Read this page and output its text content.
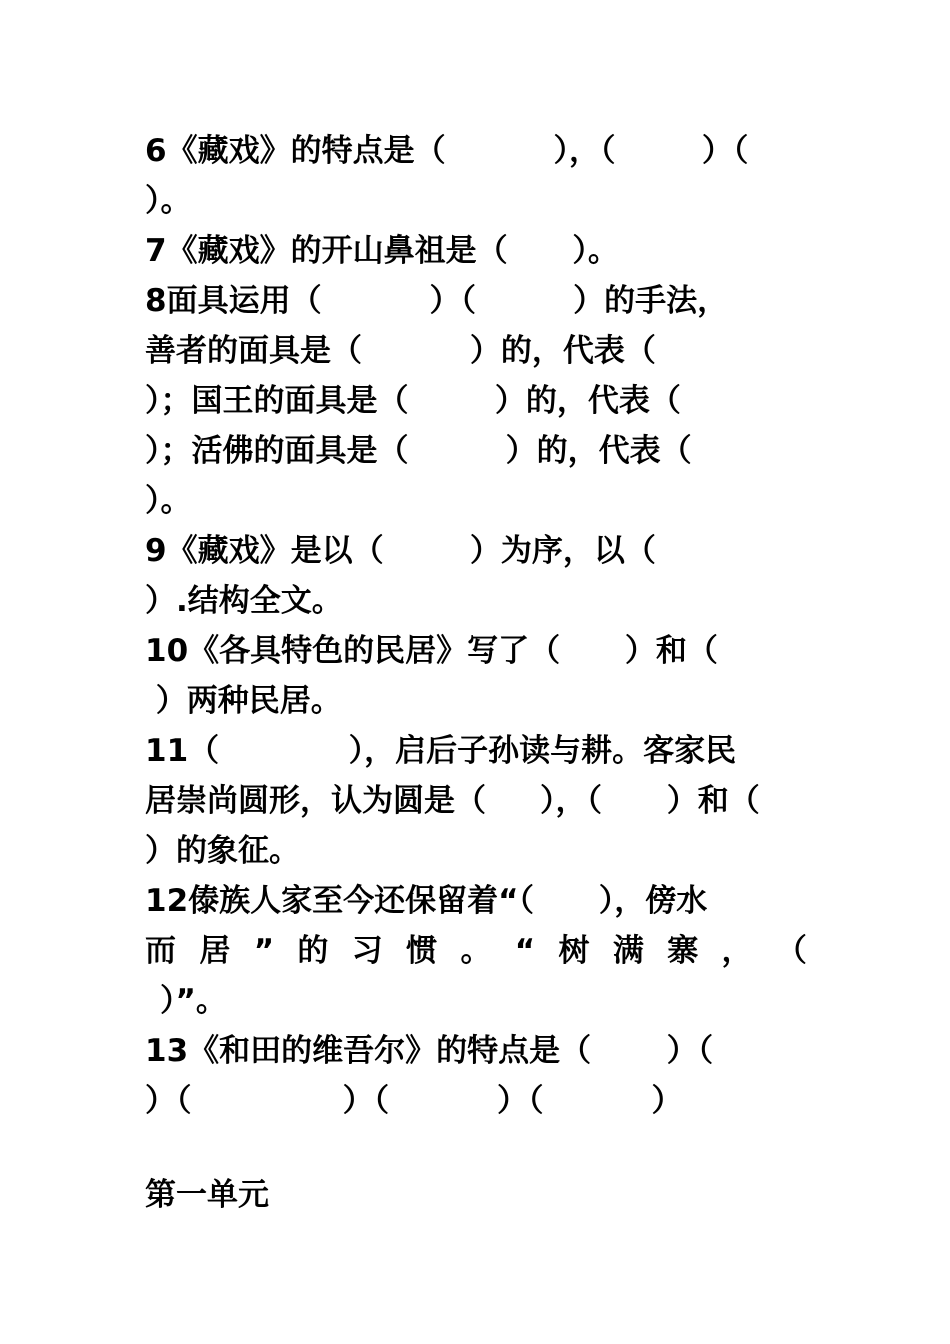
6《藏戏》的特点是（          ），（        ）（
）。
7《藏戏》的开山鼻祖是（      ）。
8面具运用（          ）（         ）的手法，
善者的面具是（          ）的，代表（
）；国王的面具是（        ）的，代表（
）；活佛的面具是（         ）的，代表（
）。
9《藏戏》是以（        ）为序，以（
）.结构全文。
10《各具特色的民居》写了（      ）和（
）两种民居。
11（            ），启后子孙读与耕。客家民
居崇尚圆形，认为圆是（     ），（      ）和（
）的象征。
12傣族人家至今还保留着“（      ），傍水
而 居 ” 的 习 惯 。 “ 树 满 寨 ， （
）”。
13《和田的维吾尔》的特点是（       ）（
）（              ）（          ）（          ）
第一单元
